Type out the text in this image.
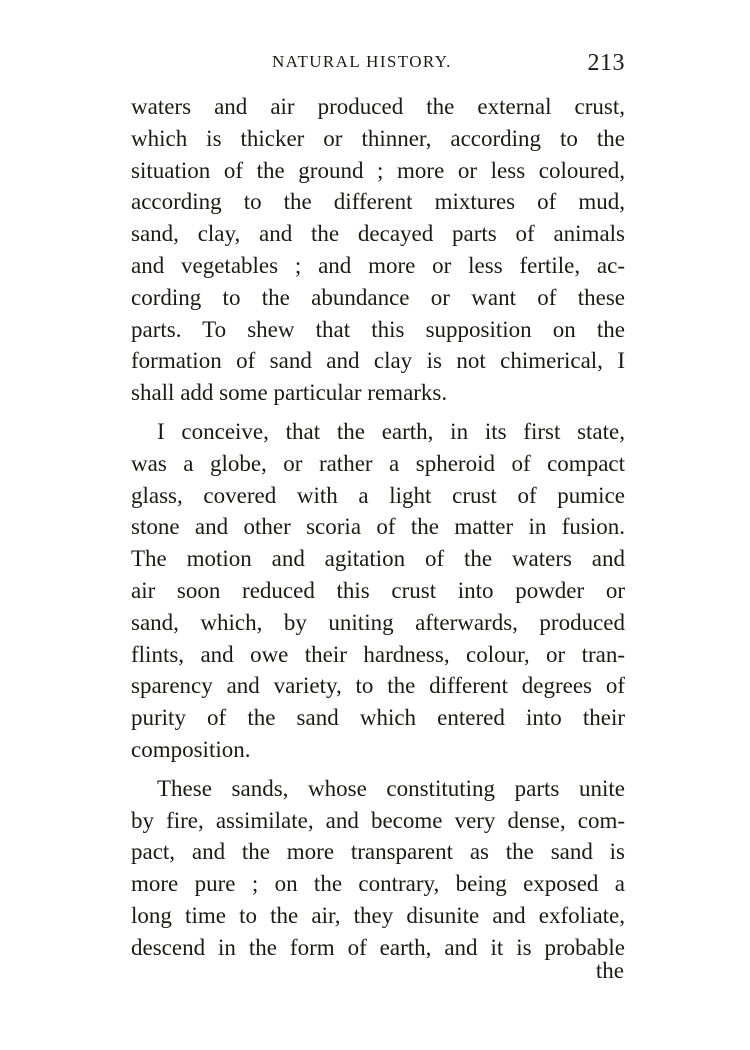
NATURAL HISTORY.	213
waters and air produced the external crust,
which is thicker or thinner, according to the
situation of the ground ; more or less coloured,
according to the different mixtures of mud,
sand, clay, and the decayed parts of animals
and vegetables ; and more or less fertile, ac-
cording to the abundance or want of these
parts. To shew that this supposition on the
formation of sand and clay is not chimerical, I
shall add some particular remarks.
I conceive, that the earth, in its first state,
was a globe, or rather a spheroid of compact
glass, covered with a light crust of pumice
stone and other scoria of the matter in fusion.
The motion and agitation of the waters and
air soon reduced this crust into powder or
sand, which, by uniting afterwards, produced
flints, and owe their hardness, colour, or tran-
sparency and variety, to the different degrees of
purity of the sand which entered into their
composition.
These sands, whose constituting parts unite
by fire, assimilate, and become very dense, com-
pact, and the more transparent as the sand is
more pure ; on the contrary, being exposed a
long time to the air, they disunite and exfoliate,
descend in the form of earth, and it is probable
the
